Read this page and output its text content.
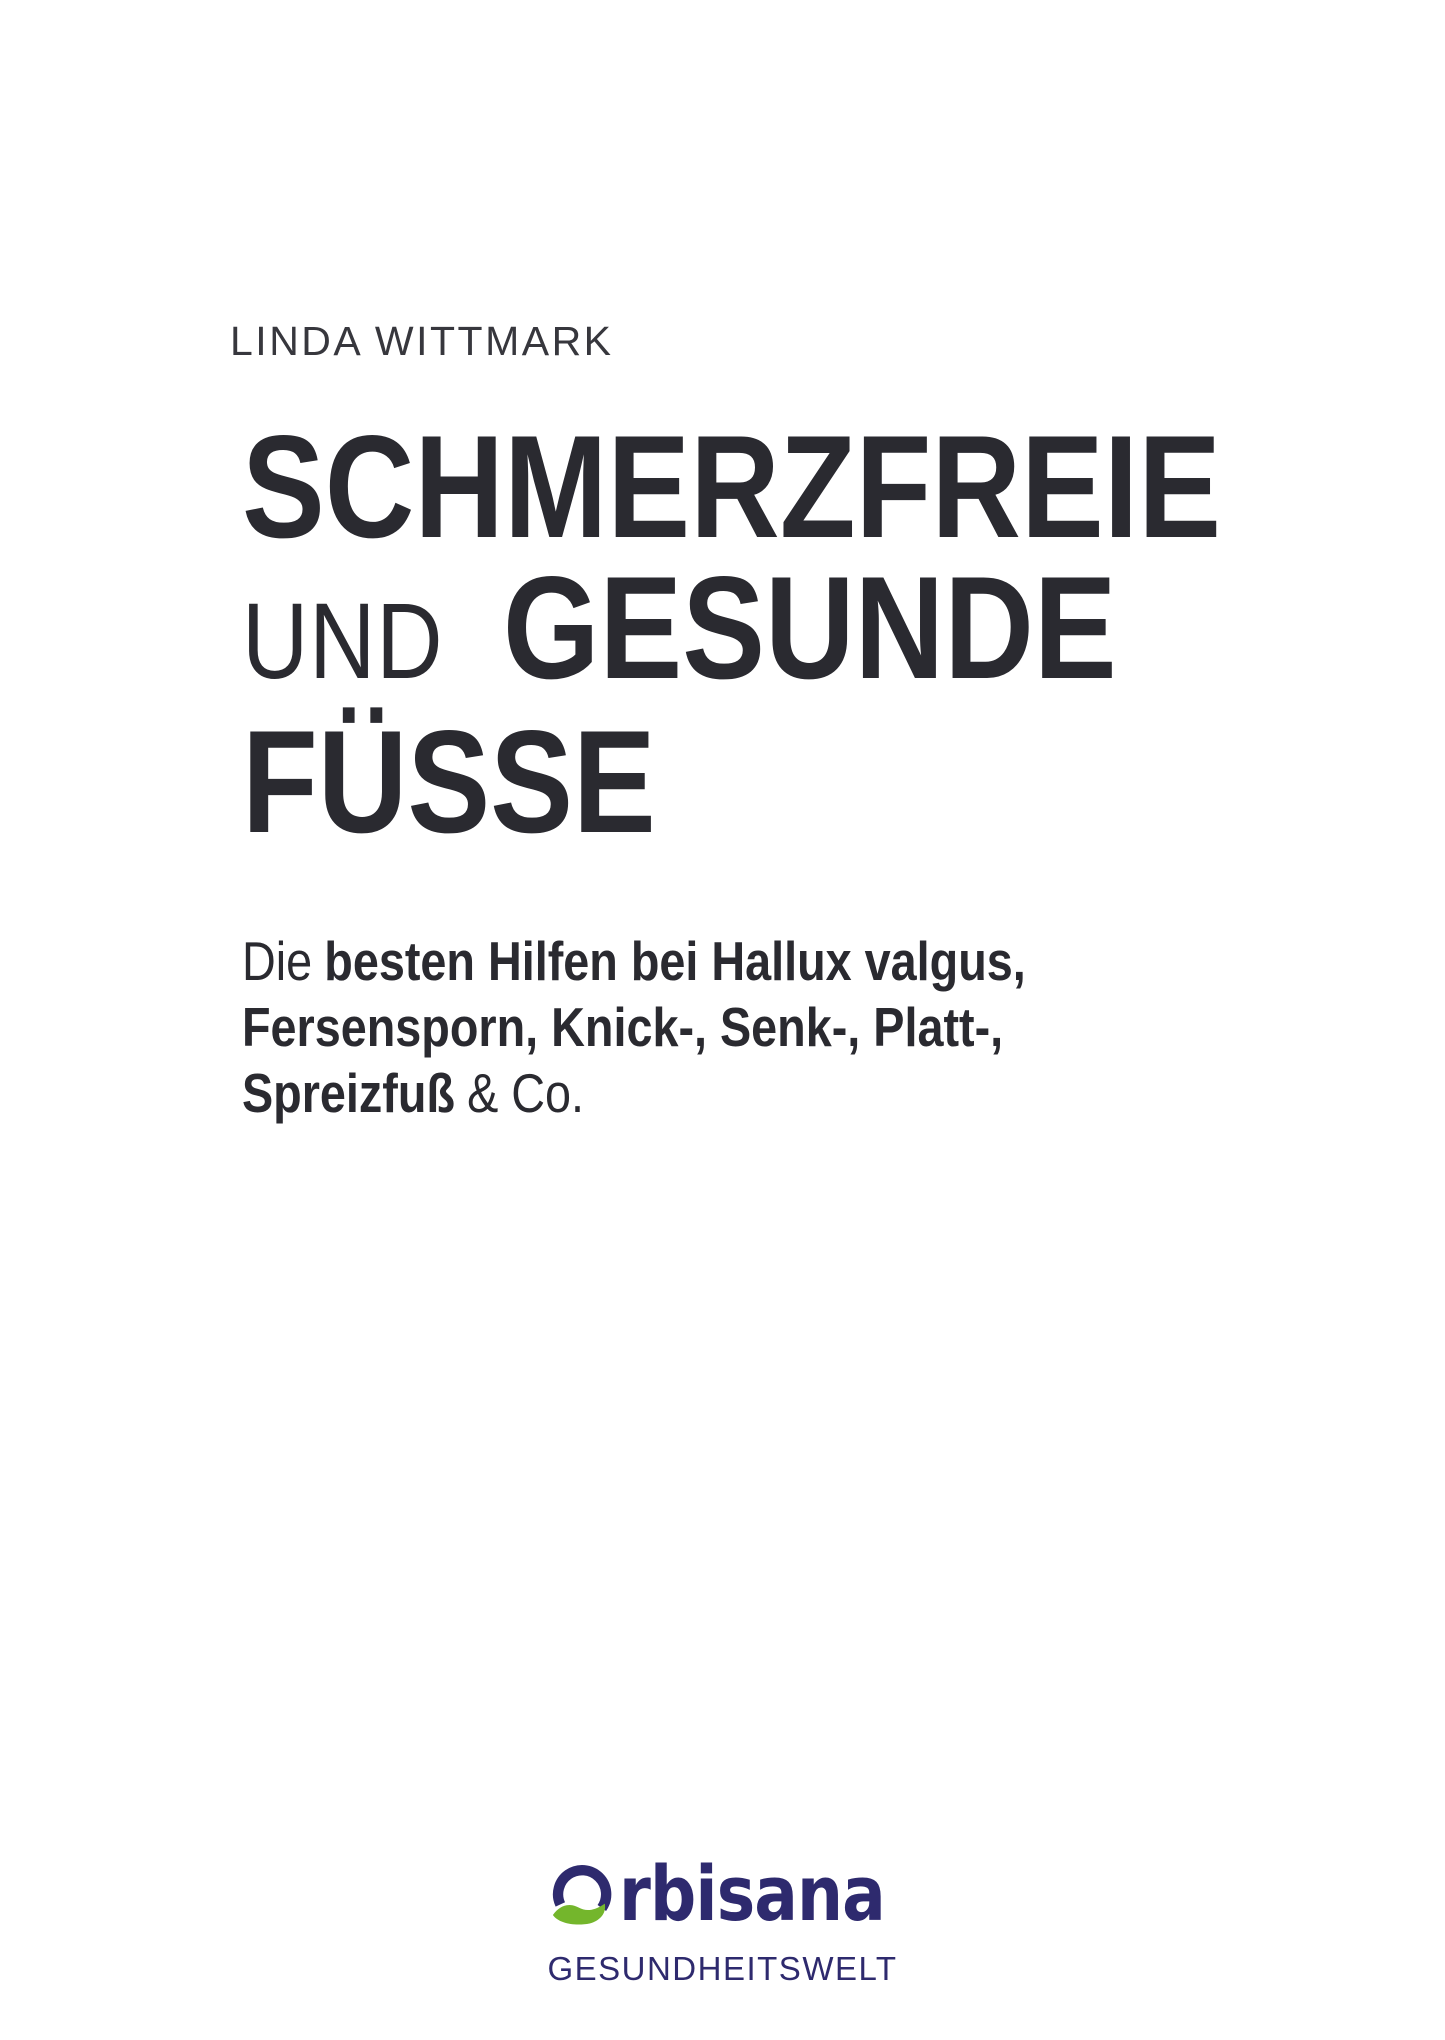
LINDA WITTMARK
SCHMERZFREIE
UND GESUNDE
FÜSSE
Die besten Hilfen bei Hallux valgus,
Fersensporn, Knick-, Senk-, Platt-,
Spreizfuß & Co.
rbisana
GESUNDHEITSWELT
